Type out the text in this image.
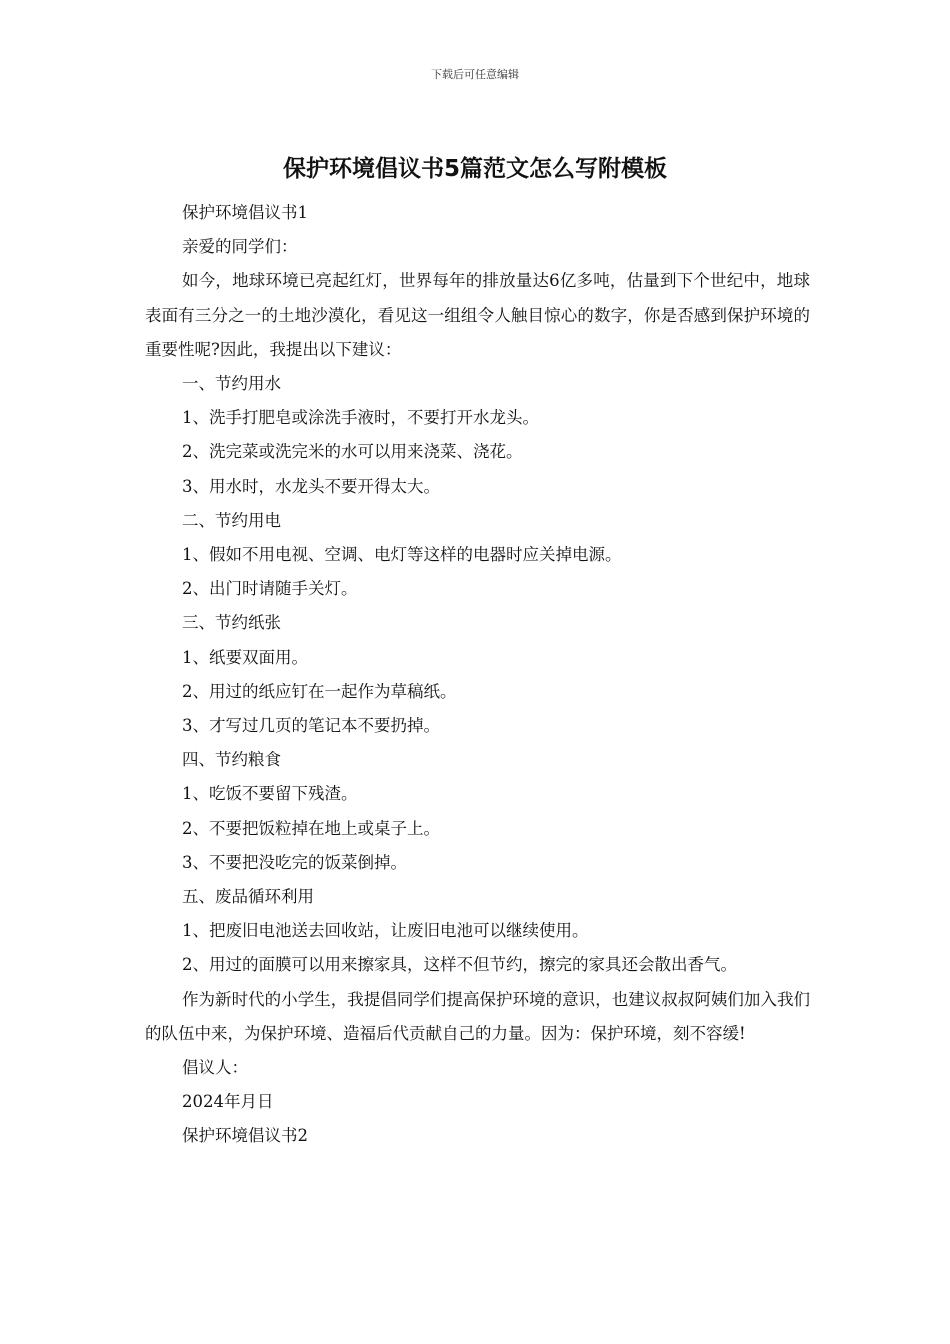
下载后可任意编辑
保护环境倡议书5篇范文怎么写附模板

保护环境倡议书1

亲爱的同学们：

如今，地球环境已亮起红灯，世界每年的排放量达6亿多吨，估量到下个世纪中，地球表面有三分之一的土地沙漠化，看见这一组组令人触目惊心的数字，你是否感到保护环境的重要性呢?因此，我提出以下建议：

一、节约用水

1、洗手打肥皂或涂洗手液时，不要打开水龙头。

2、洗完菜或洗完米的水可以用来浇菜、浇花。

3、用水时，水龙头不要开得太大。

二、节约用电

1、假如不用电视、空调、电灯等这样的电器时应关掉电源。

2、出门时请随手关灯。

三、节约纸张

1、纸要双面用。

2、用过的纸应钉在一起作为草稿纸。

3、才写过几页的笔记本不要扔掉。

四、节约粮食

1、吃饭不要留下残渣。

2、不要把饭粒掉在地上或桌子上。

3、不要把没吃完的饭菜倒掉。

五、废品循环利用

1、把废旧电池送去回收站，让废旧电池可以继续使用。

2、用过的面膜可以用来擦家具，这样不但节约，擦完的家具还会散出香气。

作为新时代的小学生，我提倡同学们提高保护环境的意识，也建议叔叔阿姨们加入我们的队伍中来，为保护环境、造福后代贡献自己的力量。因为：保护环境，刻不容缓!

倡议人：

2024年月日

保护环境倡议书2
